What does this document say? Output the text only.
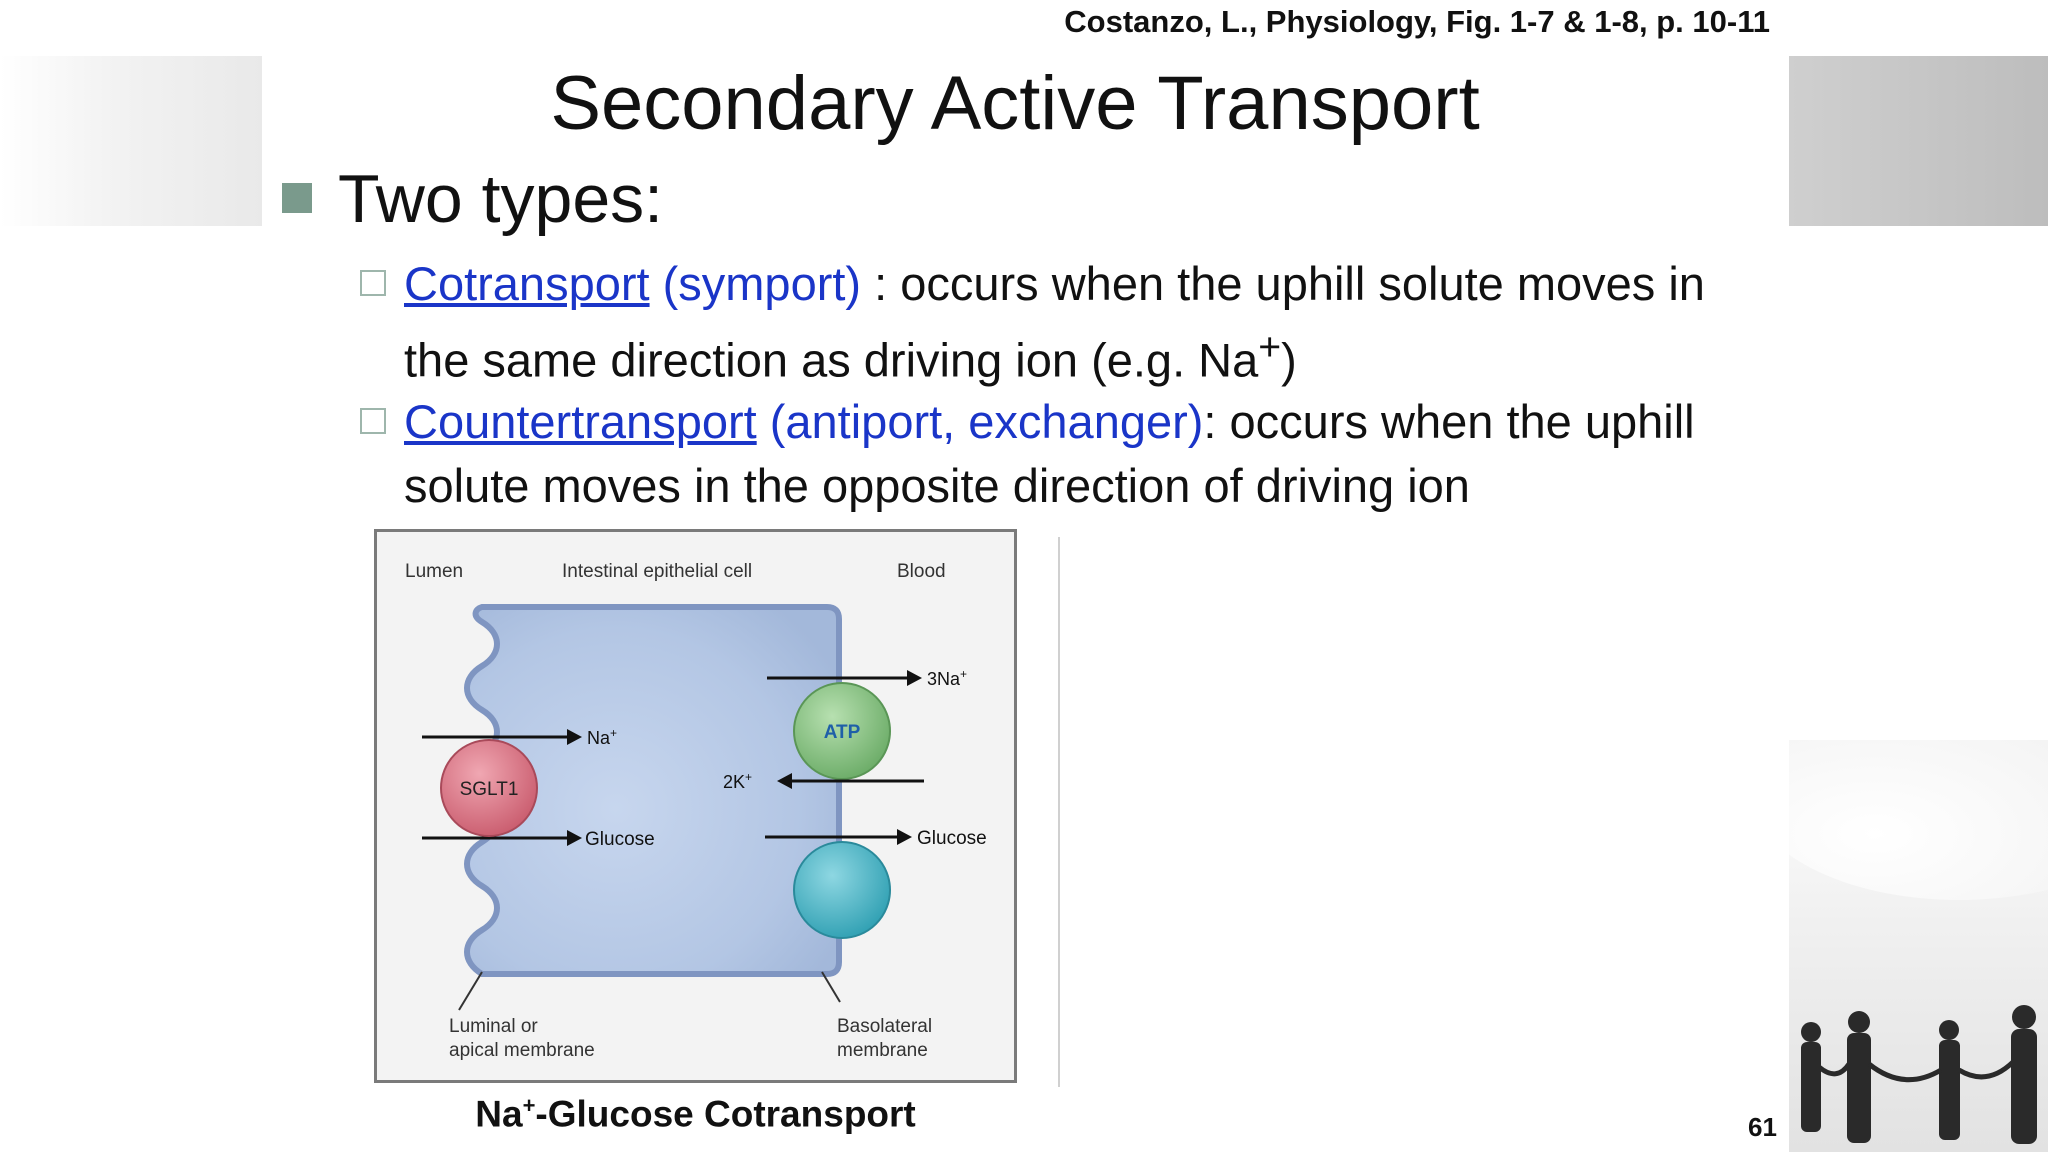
Costanzo, L., Physiology, Fig. 1-7 & 1-8, p. 10-11
Secondary Active Transport
Two types:
Cotransport (symport) : occurs when the uphill solute moves in the same direction as driving ion (e.g. Na+)
Countertransport (antiport, exchanger): occurs when the uphill solute moves in the opposite direction of driving ion
Lumen	Intestinal epithelial cell	Blood
Na+
Glucose
SGLT1
3Na+
ATP
2K+
Glucose
Luminal or
apical membrane
Basolateral
membrane
Na+-Glucose Cotransport	61
